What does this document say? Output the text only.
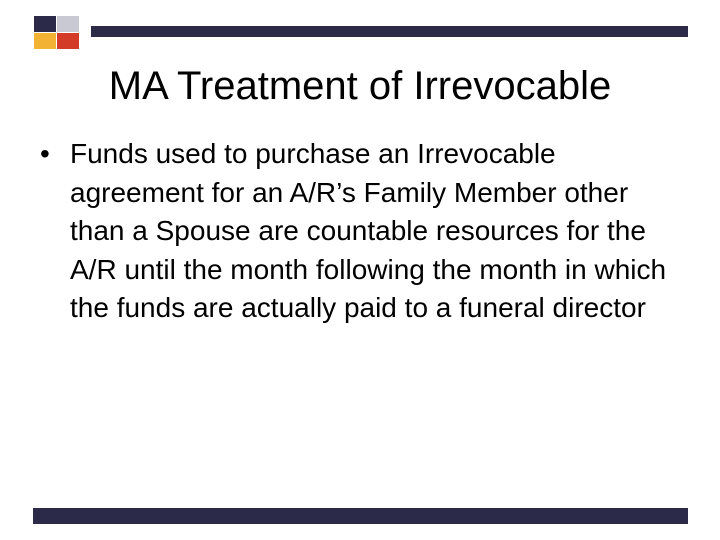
MA Treatment of Irrevocable
• Funds used to purchase an Irrevocable agreement for an A/R’s Family Member other than a Spouse are countable resources for the A/R until the month following the month in which the funds are actually paid to a funeral director
